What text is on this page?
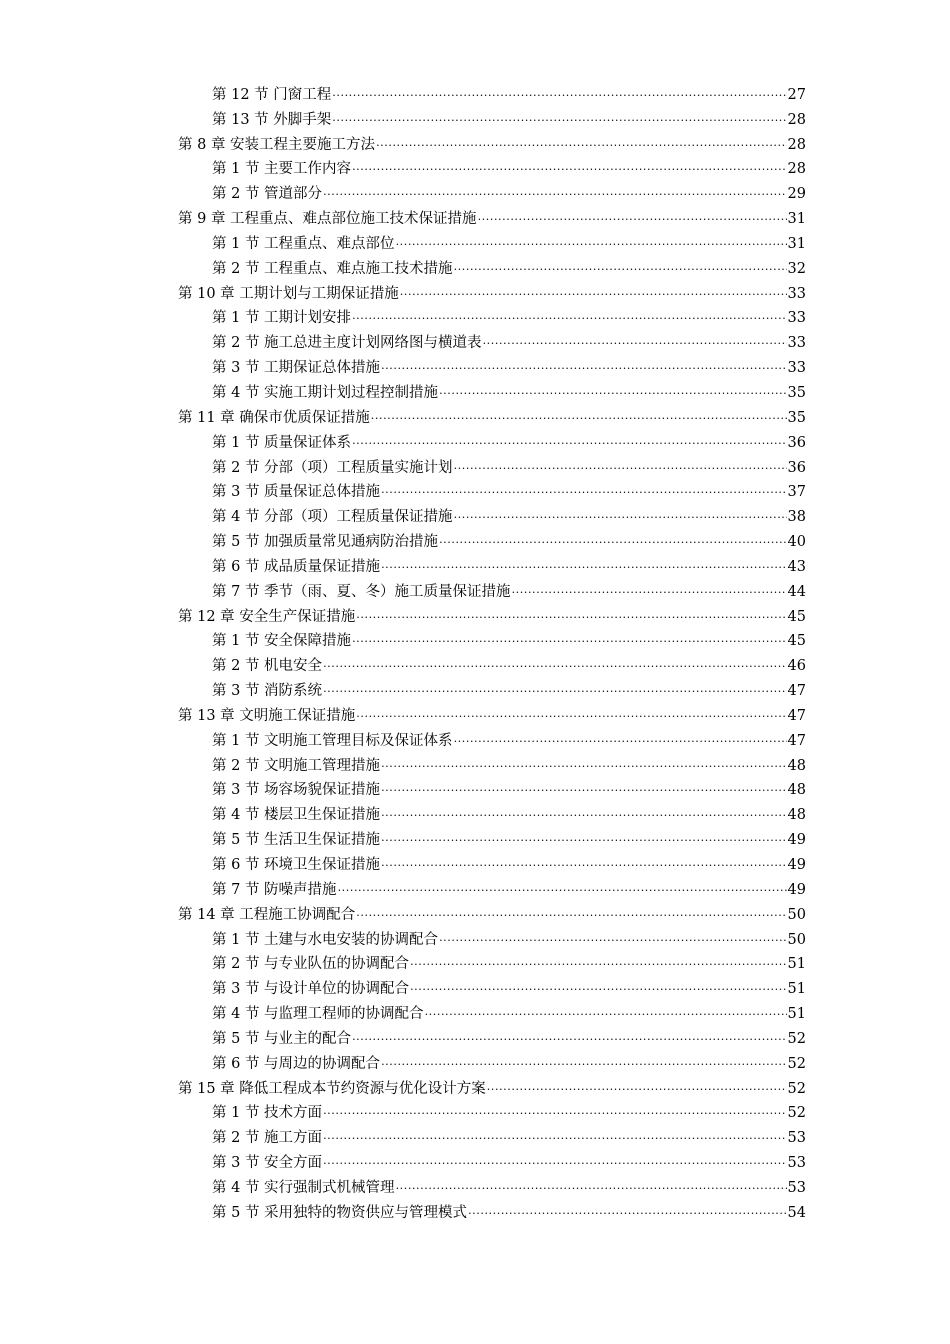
第 12 节 门窗工程 .....	27
第 13 节 外脚手架 .....	28
第 8 章 安装工程主要施工方法 .....	28
第 1 节 主要工作内容 .....	28
第 2 节 管道部分 .....	29
第 9 章 工程重点、难点部位施工技术保证措施 .....	31
第 1 节 工程重点、难点部位 .....	31
第 2 节 工程重点、难点施工技术措施 .....	32
第 10 章 工期计划与工期保证措施 .....	33
第 1 节 工期计划安排 .....	33
第 2 节 施工总进主度计划网络图与横道表 .....	33
第 3 节 工期保证总体措施 .....	33
第 4 节 实施工期计划过程控制措施 .....	35
第 11 章 确保市优质保证措施 .....	35
第 1 节 质量保证体系 .....	36
第 2 节 分部（项）工程质量实施计划 .....	36
第 3 节 质量保证总体措施 .....	37
第 4 节 分部（项）工程质量保证措施 .....	38
第 5 节 加强质量常见通病防治措施 .....	40
第 6 节 成品质量保证措施 .....	43
第 7 节 季节（雨、夏、冬）施工质量保证措施 .....	44
第 12 章 安全生产保证措施 .....	45
第 1 节 安全保障措施 .....	45
第 2 节 机电安全 .....	46
第 3 节 消防系统 .....	47
第 13 章 文明施工保证措施 .....	47
第 1 节 文明施工管理目标及保证体系 .....	47
第 2 节 文明施工管理措施 .....	48
第 3 节 场容场貌保证措施 .....	48
第 4 节 楼层卫生保证措施 .....	48
第 5 节 生活卫生保证措施 .....	49
第 6 节 环境卫生保证措施 .....	49
第 7 节 防噪声措施 .....	49
第 14 章 工程施工协调配合 .....	50
第 1 节 土建与水电安装的协调配合 .....	50
第 2 节 与专业队伍的协调配合 .....	51
第 3 节 与设计单位的协调配合 .....	51
第 4 节 与监理工程师的协调配合 .....	51
第 5 节 与业主的配合 .....	52
第 6 节 与周边的协调配合 .....	52
第 15 章 降低工程成本节约资源与优化设计方案 .....	52
第 1 节 技术方面 .....	52
第 2 节 施工方面 .....	53
第 3 节 安全方面 .....	53
第 4 节 实行强制式机械管理 .....	53
第 5 节 采用独特的物资供应与管理模式 .....	54
